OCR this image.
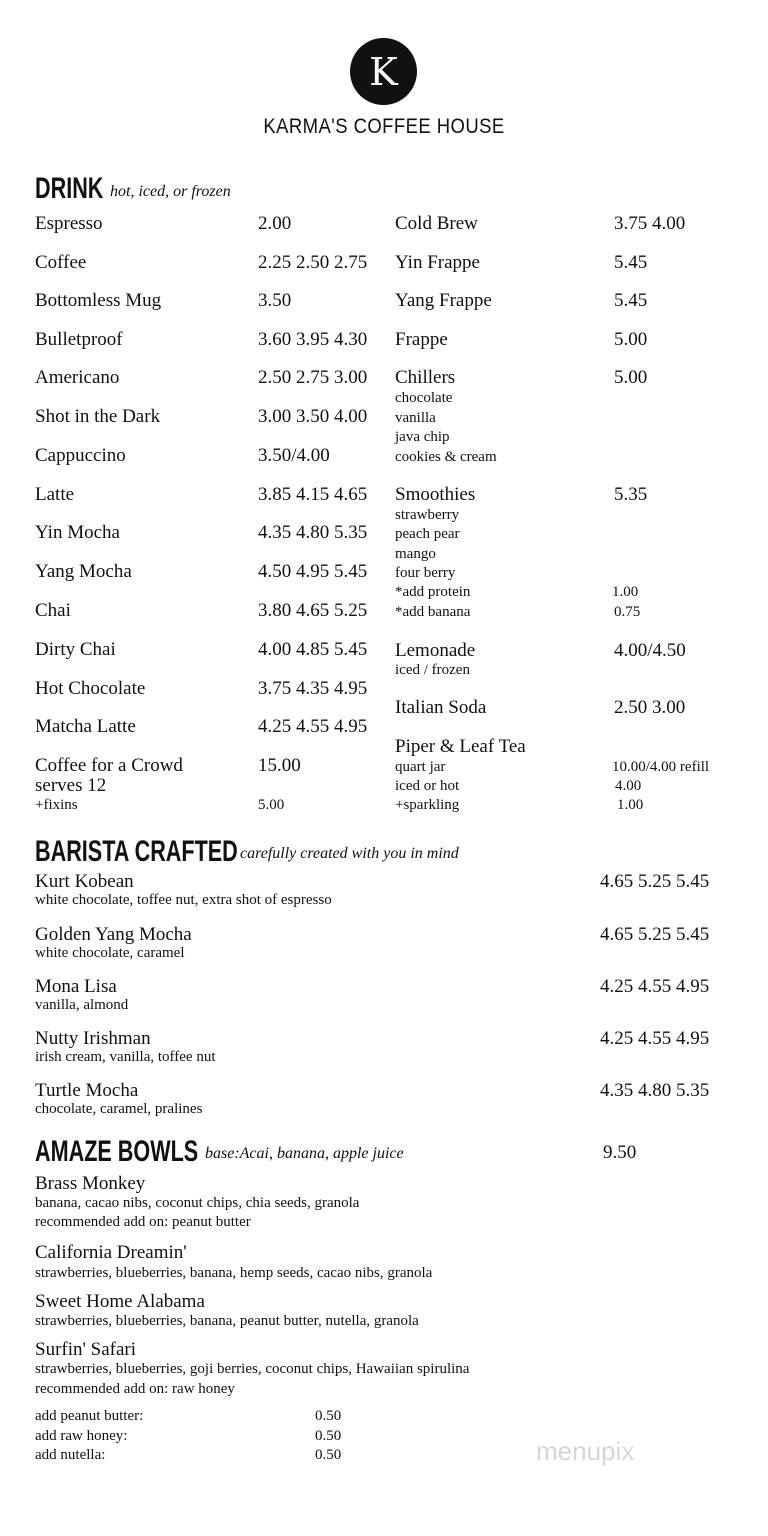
K
KARMA'S COFFEE HOUSE
DRINK hot, iced, or frozen
BARISTA CRAFTED carefully created with you in mind
AMAZE BOWLS base:Acai, banana, apple juice	9.50
menupix
Espresso	2.00
Coffee	2.25 2.50 2.75
Bottomless Mug	3.50
Bulletproof	3.60 3.95 4.30
Americano	2.50 2.75 3.00
Shot in the Dark	3.00 3.50 4.00
Cappuccino	3.50/4.00
Latte	3.85 4.15 4.65
Yin Mocha	4.35 4.80 5.35
Yang Mocha	4.50 4.95 5.45
Chai	3.80 4.65 5.25
Dirty Chai	4.00 4.85 5.45
Hot Chocolate	3.75 4.35 4.95
Matcha Latte	4.25 4.55 4.95
Coffee for a Crowd	15.00
serves 12
+fixins	5.00
Cold Brew	3.75 4.00
Yin Frappe	5.45
Yang Frappe	5.45
Frappe	5.00
Chillers	5.00
chocolate
vanilla
java chip
cookies & cream
Smoothies	5.35
strawberry
peach pear
mango
four berry
*add protein	1.00
*add banana	0.75
Lemonade	4.00/4.50
iced / frozen
Italian Soda	2.50 3.00
Piper & Leaf Tea
quart jar	10.00/4.00 refill
iced or hot	4.00
+sparkling	1.00
Kurt Kobean
white chocolate, toffee nut, extra shot of espresso
4.65 5.25 5.45
Golden Yang Mocha
white chocolate, caramel
4.65 5.25 5.45
Mona Lisa
vanilla, almond
4.25 4.55 4.95
Nutty Irishman
irish cream, vanilla, toffee nut
4.25 4.55 4.95
Turtle Mocha
chocolate, caramel, pralines
4.35 4.80 5.35
Brass Monkey
banana, cacao nibs, coconut chips, chia seeds, granola
recommended add on: peanut butter
California Dreamin'
strawberries, blueberries, banana, hemp seeds, cacao nibs, granola
Sweet Home Alabama
strawberries, blueberries, banana, peanut butter, nutella, granola
Surfin' Safari
strawberries, blueberries, goji berries, coconut chips, Hawaiian spirulina
recommended add on: raw honey
add peanut butter:	0.50
add raw honey:	0.50
add nutella:	0.50
